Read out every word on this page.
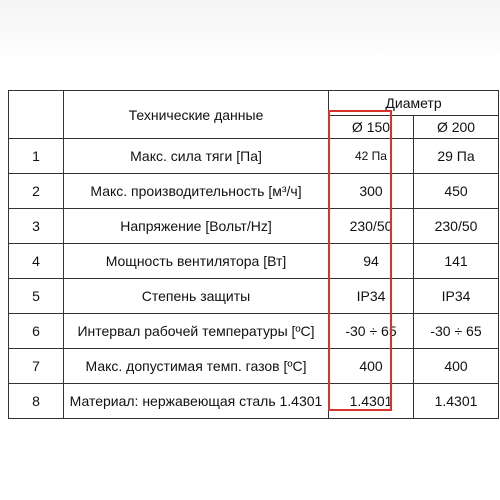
	Технические данные	Диаметр	
		Ø 150	Ø 200
1	Макс. сила тяги [Па]	42 Па	29 Па
2	Макс. производительность [м³/ч]	300	450
3	Напряжение [Вольт/Hz]	230/50	230/50
4	Мощность вентилятора [Вт]	94	141
5	Степень защиты	IP34	IP34
6	Интервал рабочей температуры [ºC]	-30 ÷ 65	-30 ÷ 65
7	Макс. допустимая темп. газов [ºC]	400	400
8	Материал: нержавеющая сталь 1.4301	1.4301	1.4301
